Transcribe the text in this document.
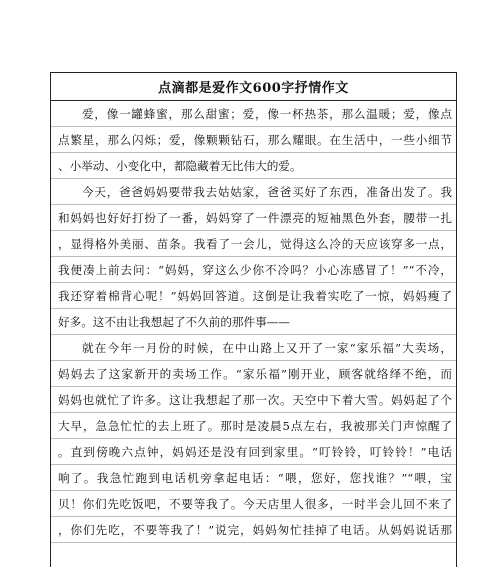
点滴都是爱作文600字抒情作文
爱，像一罐蜂蜜，那么甜蜜；爱，像一杯热茶，那么温暖；爱，像点
点繁星，那么闪烁；爱，像颗颗钻石，那么耀眼。在生活中，一些小细节
、小举动、小变化中，都隐藏着无比伟大的爱。
今天，爸爸妈妈要带我去姑姑家，爸爸买好了东西，准备出发了。我
和妈妈也好好打扮了一番，妈妈穿了一件漂亮的短袖黑色外套，腰带一扎
，显得格外美丽、苗条。我看了一会儿，觉得这么冷的天应该穿多一点，
我便凑上前去问：“妈妈，穿这么少你不冷吗？小心冻感冒了！”“不冷，
我还穿着棉背心呢！”妈妈回答道。这倒是让我着实吃了一惊，妈妈瘦了
好多。这不由让我想起了不久前的那件事——
就在今年一月份的时候，在中山路上又开了一家“家乐福”大卖场，
妈妈去了这家新开的卖场工作。“家乐福”刚开业，顾客就络绎不绝，而
妈妈也就忙了许多。这让我想起了那一次。天空中下着大雪。妈妈起了个
大早，急急忙忙的去上班了。那时是凌晨5点左右，我被那关门声惊醒了
。直到傍晚六点钟，妈妈还是没有回到家里。“叮铃铃，叮铃铃！”电话
响了。我急忙跑到电话机旁拿起电话：“喂，您好，您找谁？”“喂，宝
贝！你们先吃饭吧，不要等我了。今天店里人很多，一时半会儿回不来了
，你们先吃，不要等我了！”说完，妈妈匆忙挂掉了电话。从妈妈说话那
